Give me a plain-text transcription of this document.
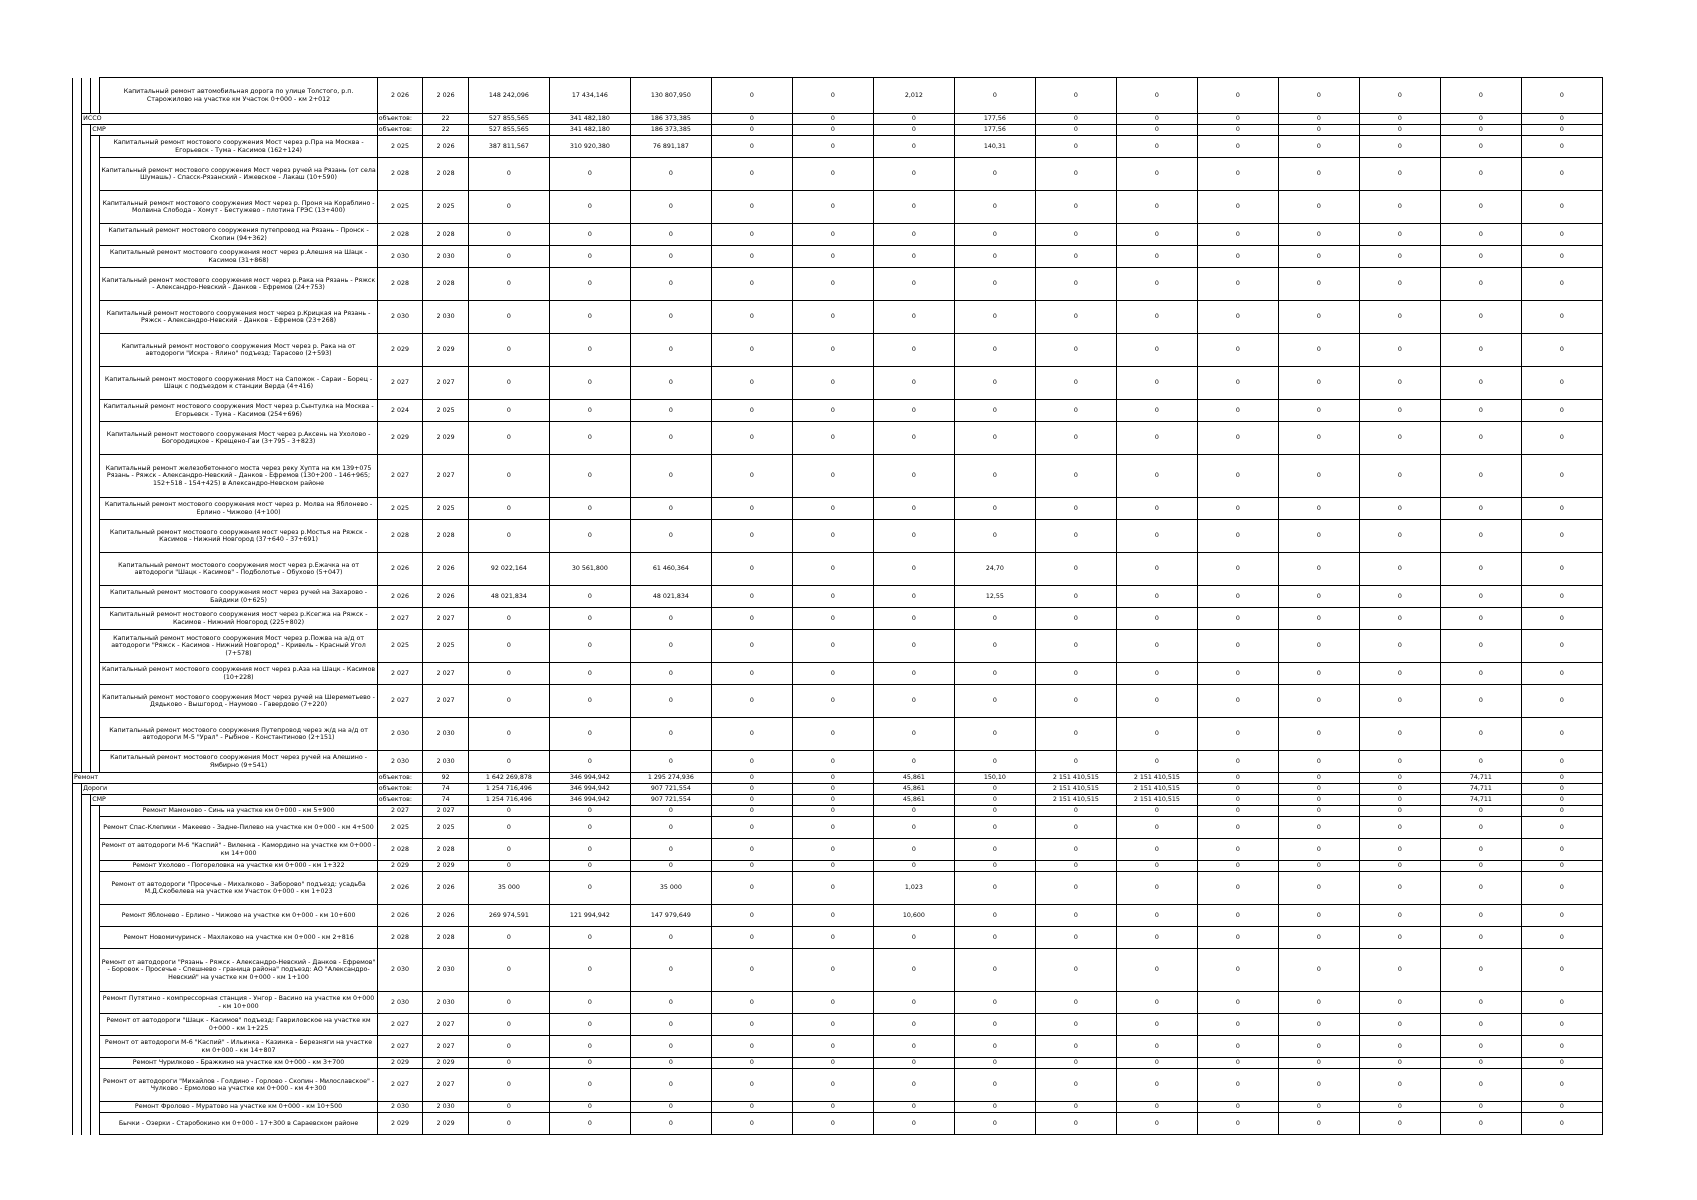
			Капитальный ремонт автомобильная дорога по улице Толстого, р.п. Старожилово на участке км Участок 0+000 - км 2+012	2 026	2 026	148 242,096	17 434,146	130 807,950	0	0	2,012	0	0	0	0	0	0	0	0
	ИССО			объектов:	22	527 855,565	341 482,180	186 373,385	0	0	0	177,56	0	0	0	0	0	0	0
		СМР		объектов:	22	527 855,565	341 482,180	186 373,385	0	0	0	177,56	0	0	0	0	0	0	0
			Капитальный ремонт мостового сооружения Мост через р.Пра на Москва - Егорьевск - Тума - Касимов (162+124)	2 025	2 026	387 811,567	310 920,380	76 891,187	0	0	0	140,31	0	0	0	0	0	0	0
			Капитальный ремонт мостового сооружения Мост через ручей на Рязань (от села Шумашь) - Спасск-Рязанский - Ижевское - Лакаш (10+590)	2 028	2 028	0	0	0	0	0	0	0	0	0	0	0	0	0	0
			Капитальный ремонт мостового сооружения Мост через р. Проня на Кораблино - Молвина Слобода - Хомут - Бестужево - плотина ГРЭС (13+400)	2 025	2 025	0	0	0	0	0	0	0	0	0	0	0	0	0	0
			Капитальный ремонт мостового сооружения путепровод на Рязань - Пронск - Скопин (94+362)	2 028	2 028	0	0	0	0	0	0	0	0	0	0	0	0	0	0
			Капитальный ремонт мостового сооружения мост через р.Алешня на Шацк - Касимов (31+868)	2 030	2 030	0	0	0	0	0	0	0	0	0	0	0	0	0	0
			Капитальный ремонт мостового сооружения мост через р.Рака на Рязань - Ряжск - Александро-Невский - Данков - Ефремов (24+753)	2 028	2 028	0	0	0	0	0	0	0	0	0	0	0	0	0	0
			Капитальный ремонт мостового сооружения мост через р.Крицкая на Рязань - Ряжск - Александро-Невский - Данков - Ефремов (23+268)	2 030	2 030	0	0	0	0	0	0	0	0	0	0	0	0	0	0
			Капитальный ремонт мостового сооружения Мост через р. Рака на от автодороги "Искра - Ялино" подъезд: Тарасово (2+593)	2 029	2 029	0	0	0	0	0	0	0	0	0	0	0	0	0	0
			Капитальный ремонт мостового сооружения Мост на Сапожок - Сараи - Борец - Шацк с подъездом к станции Верда (4+416)	2 027	2 027	0	0	0	0	0	0	0	0	0	0	0	0	0	0
			Капитальный ремонт мостового сооружения Мост через р.Сынтулка на Москва - Егорьевск - Тума - Касимов (254+696)	2 024	2 025	0	0	0	0	0	0	0	0	0	0	0	0	0	0
			Капитальный ремонт мостового сооружения Мост через р.Аксень на Ухолово - Богородицкое - Крещено-Гаи (3+795 - 3+823)	2 029	2 029	0	0	0	0	0	0	0	0	0	0	0	0	0	0
			Капитальный ремонт железобетонного моста через реку Хупта на км 139+075 Рязань - Ряжск - Александро-Невский - Данков - Ефремов (130+200 - 146+965; 152+518 - 154+425) в Александро-Невском районе	2 027	2 027	0	0	0	0	0	0	0	0	0	0	0	0	0	0
			Капитальный ремонт мостового сооружения мост через р. Молва на Яблонево - Ерлино - Чижово (4+100)	2 025	2 025	0	0	0	0	0	0	0	0	0	0	0	0	0	0
			Капитальный ремонт мостового сооружения мост через р.Мостья на Ряжск - Касимов - Нижний Новгород (37+640 - 37+691)	2 028	2 028	0	0	0	0	0	0	0	0	0	0	0	0	0	0
			Капитальный ремонт мостового сооружения мост через р.Ежачка на от автодороги "Шацк - Касимов" - Подболотье - Обухово (5+047)	2 026	2 026	92 022,164	30 561,800	61 460,364	0	0	0	24,70	0	0	0	0	0	0	0
			Капитальный ремонт мостового сооружения мост через ручей на Захарово - Байдики (0+625)	2 026	2 026	48 021,834	0	48 021,834	0	0	0	12,55	0	0	0	0	0	0	0
			Капитальный ремонт мостового сооружения мост через р.Ксегжа на Ряжск - Касимов - Нижний Новгород (225+802)	2 027	2 027	0	0	0	0	0	0	0	0	0	0	0	0	0	0
			Капитальный ремонт мостового сооружения Мост через р.Пожва на а/д от автодороги "Ряжск - Касимов - Нижний Новгород" - Кривель - Красный Угол (7+578)	2 025	2 025	0	0	0	0	0	0	0	0	0	0	0	0	0	0
			Капитальный ремонт мостового сооружения мост через р.Аза на Шацк - Касимов (10+228)	2 027	2 027	0	0	0	0	0	0	0	0	0	0	0	0	0	0
			Капитальный ремонт мостового сооружения Мост через ручей на Шереметьево - Дядьково - Вышгород - Наумово - Гавердово (7+220)	2 027	2 027	0	0	0	0	0	0	0	0	0	0	0	0	0	0
			Капитальный ремонт мостового сооружения Путепровод через ж/д на а/д от автодороги М-5 "Урал" - Рыбное - Константиново (2+151)	2 030	2 030	0	0	0	0	0	0	0	0	0	0	0	0	0	0
			Капитальный ремонт мостового сооружения Мост через ручей на Алешино - Ямбирно (9+541)	2 030	2 030	0	0	0	0	0	0	0	0	0	0	0	0	0	0
Ремонт				объектов:	92	1 642 269,878	346 994,942	1 295 274,936	0	0	45,861	150,10	2 151 410,515	2 151 410,515	0	0	0	74,711	0
	Дороги			объектов:	74	1 254 716,496	346 994,942	907 721,554	0	0	45,861	0	2 151 410,515	2 151 410,515	0	0	0	74,711	0
		СМР		объектов:	74	1 254 716,496	346 994,942	907 721,554	0	0	45,861	0	2 151 410,515	2 151 410,515	0	0	0	74,711	0
			Ремонт Мамоново - Синь на участке км 0+000 - км 5+900	2 027	2 027	0	0	0	0	0	0	0	0	0	0	0	0	0	0
			Ремонт Спас-Клепики - Макеево - Задне-Пилево на участке км 0+000 - км 4+500	2 025	2 025	0	0	0	0	0	0	0	0	0	0	0	0	0	0
			Ремонт от автодороги М-6 "Каспий" - Виленка - Камордино на участке км 0+000 - км 14+000	2 028	2 028	0	0	0	0	0	0	0	0	0	0	0	0	0	0
			Ремонт Ухолово - Погореловка на участке км 0+000 - км 1+322	2 029	2 029	0	0	0	0	0	0	0	0	0	0	0	0	0	0
			Ремонт от автодороги "Просечье - Михалково - Заборово" подъезд: усадьба М.Д.Скобелева на участке км Участок 0+000 - км 1+023	2 026	2 026	35 000	0	35 000	0	0	1,023	0	0	0	0	0	0	0	0
			Ремонт Яблонево - Ерлино - Чижово на участке км 0+000 - км 10+600	2 026	2 026	269 974,591	121 994,942	147 979,649	0	0	10,600	0	0	0	0	0	0	0	0
			Ремонт Новомичуринск - Махлаково на участке км 0+000 - км 2+816	2 028	2 028	0	0	0	0	0	0	0	0	0	0	0	0	0	0
			Ремонт от автодороги "Рязань - Ряжск - Александро-Невский - Данков - Ефремов" - Боровок - Просечье - Спешнево - граница района" подъезд: АО "Александро-Невский" на участке км 0+000 - км 1+100	2 030	2 030	0	0	0	0	0	0	0	0	0	0	0	0	0	0
			Ремонт Путятино - компрессорная станция - Унгор - Васино на участке км 0+000 - км 10+000	2 030	2 030	0	0	0	0	0	0	0	0	0	0	0	0	0	0
			Ремонт от автодороги "Шацк - Касимов" подъезд: Гавриловское на участке км 0+000 - км 1+225	2 027	2 027	0	0	0	0	0	0	0	0	0	0	0	0	0	0
			Ремонт от автодороги М-6 "Каспий" - Ильинка - Казинка - Березняги на участке км 0+000 - км 14+807	2 027	2 027	0	0	0	0	0	0	0	0	0	0	0	0	0	0
			Ремонт Чурилково - Бражкино на участке км 0+000 - км 3+700	2 029	2 029	0	0	0	0	0	0	0	0	0	0	0	0	0	0
			Ремонт от автодороги "Михайлов - Голдино - Горлово - Скопин - Милославское" - Чулково - Ермолово на участке км 0+000 - км 4+300	2 027	2 027	0	0	0	0	0	0	0	0	0	0	0	0	0	0
			Ремонт Фролово - Муратово на участке км 0+000 - км 10+500	2 030	2 030	0	0	0	0	0	0	0	0	0	0	0	0	0	0
			Бычки - Озерки - Старобокино км 0+000 - 17+300 в Сараевском районе	2 029	2 029	0	0	0	0	0	0	0	0	0	0	0	0	0	0
